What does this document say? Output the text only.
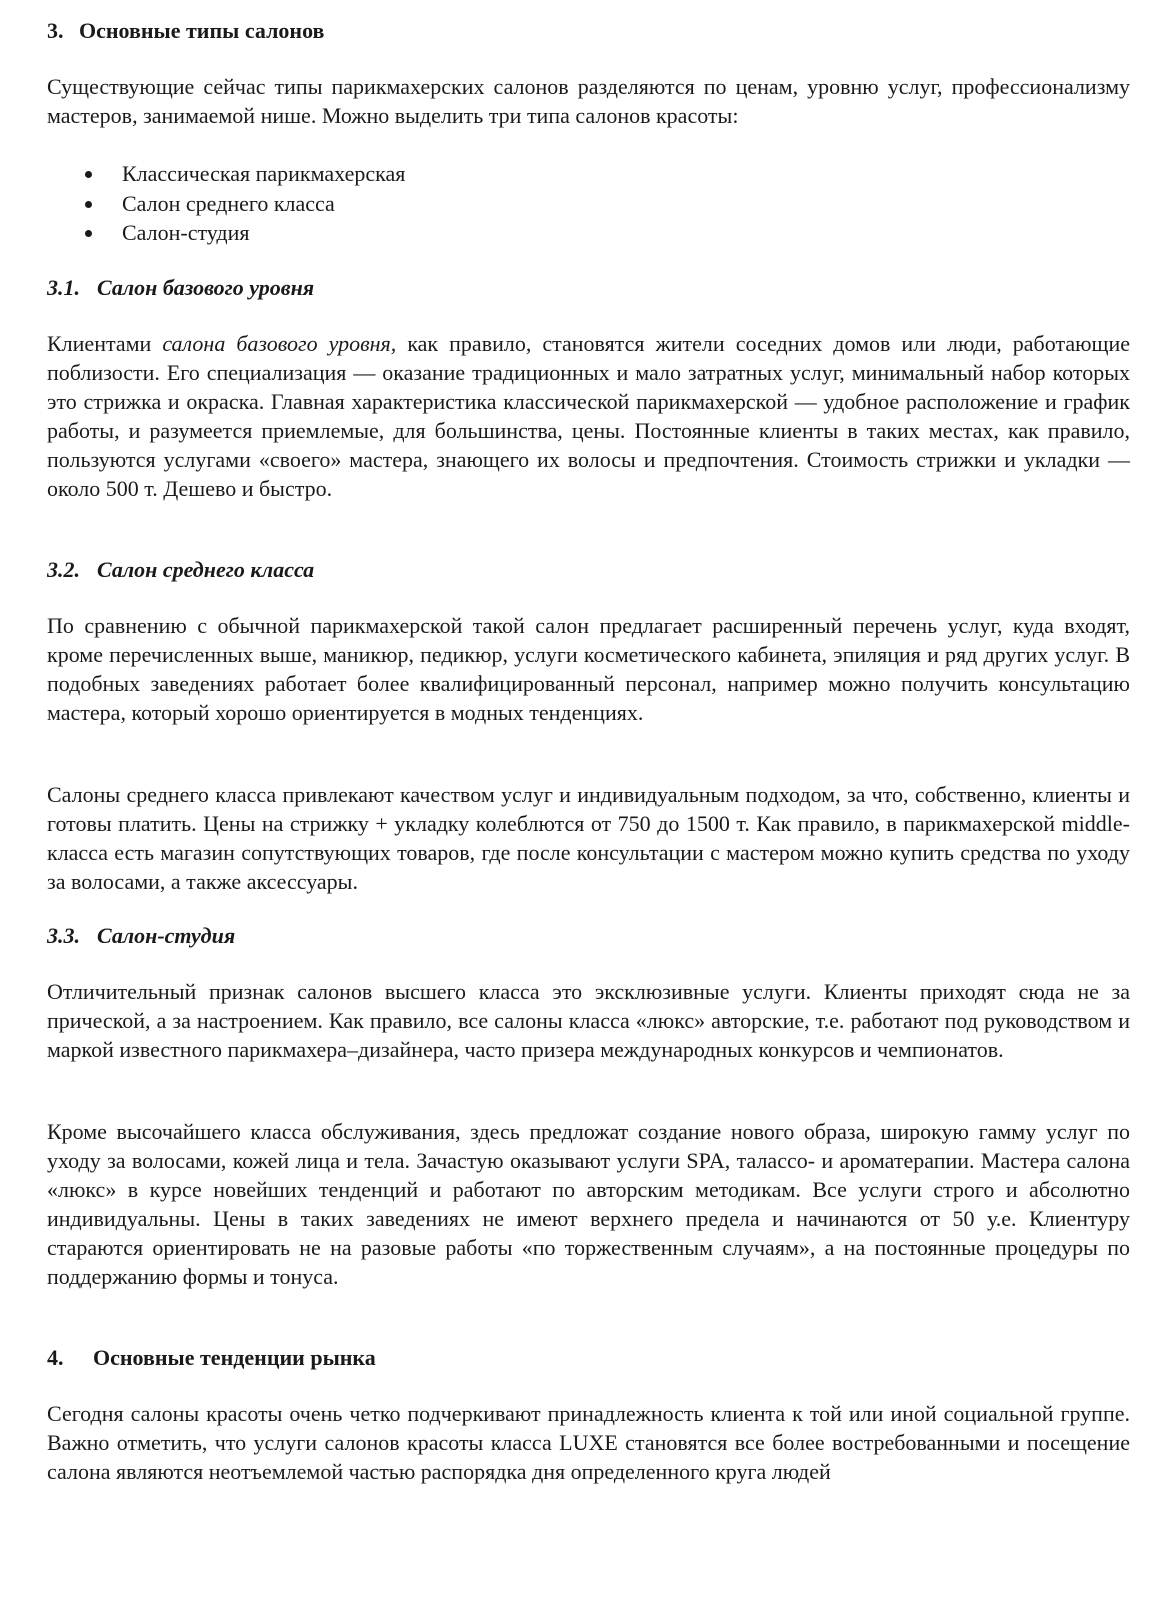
3. Основные типы салонов

Существующие сейчас типы парикмахерских салонов разделяются по ценам, уровню услуг, профессионализму мастеров, занимаемой нише. Можно выделить три типа салонов красоты:

Классическая парикмахерская
Салон среднего класса
Салон-студия
3.1. Салон базового уровня

Клиентами салона базового уровня, как правило, становятся жители соседних домов или люди, работающие поблизости. Его специализация — оказание традиционных и мало затратных услуг, минимальный набор которых это стрижка и окраска. Главная характеристика классической парикмахерской — удобное расположение и график работы, и разумеется приемлемые, для большинства, цены. Постоянные клиенты в таких местах, как правило, пользуются услугами «своего» мастера, знающего их волосы и предпочтения. Стоимость стрижки и укладки — около 500 т. Дешево и быстро.

3.2. Салон среднего класса

По сравнению с обычной парикмахерской такой салон предлагает расширенный перечень услуг, куда входят, кроме перечисленных выше, маникюр, педикюр, услуги косметического кабинета, эпиляция и ряд других услуг. В подобных заведениях работает более квалифицированный персонал, например можно получить консультацию мастера, который хорошо ориентируется в модных тенденциях.

Салоны среднего класса привлекают качеством услуг и индивидуальным подходом, за что, собственно, клиенты и готовы платить. Цены на стрижку + укладку колеблются от 750 до 1500 т. Как правило, в парикмахерской middle-класса есть магазин сопутствующих товаров, где после консультации с мастером можно купить средства по уходу за волосами, а также аксессуары.

3.3. Салон-студия

Отличительный признак салонов высшего класса это эксклюзивные услуги. Клиенты приходят сюда не за прической, а за настроением. Как правило, все салоны класса «люкс» авторские, т.е. работают под руководством и маркой известного парикмахера–дизайнера, часто призера международных конкурсов и чемпионатов.

Кроме высочайшего класса обслуживания, здесь предложат создание нового образа, широкую гамму услуг по уходу за волосами, кожей лица и тела. Зачастую оказывают услуги SPA, талассо- и ароматерапии. Мастера салона «люкс» в курсе новейших тенденций и работают по авторским методикам. Все услуги строго и абсолютно индивидуальны. Цены в таких заведениях не имеют верхнего предела и начинаются от 50 у.е. Клиентуру стараются ориентировать не на разовые работы «по торжественным случаям», а на постоянные процедуры по поддержанию формы и тонуса.

4. Основные тенденции рынка

Сегодня салоны красоты очень четко подчеркивают принадлежность клиента к той или иной социальной группе. Важно отметить, что услуги салонов красоты класса LUXE становятся все более востребованными и посещение салона являются неотъемлемой частью распорядка дня определенного круга людей
